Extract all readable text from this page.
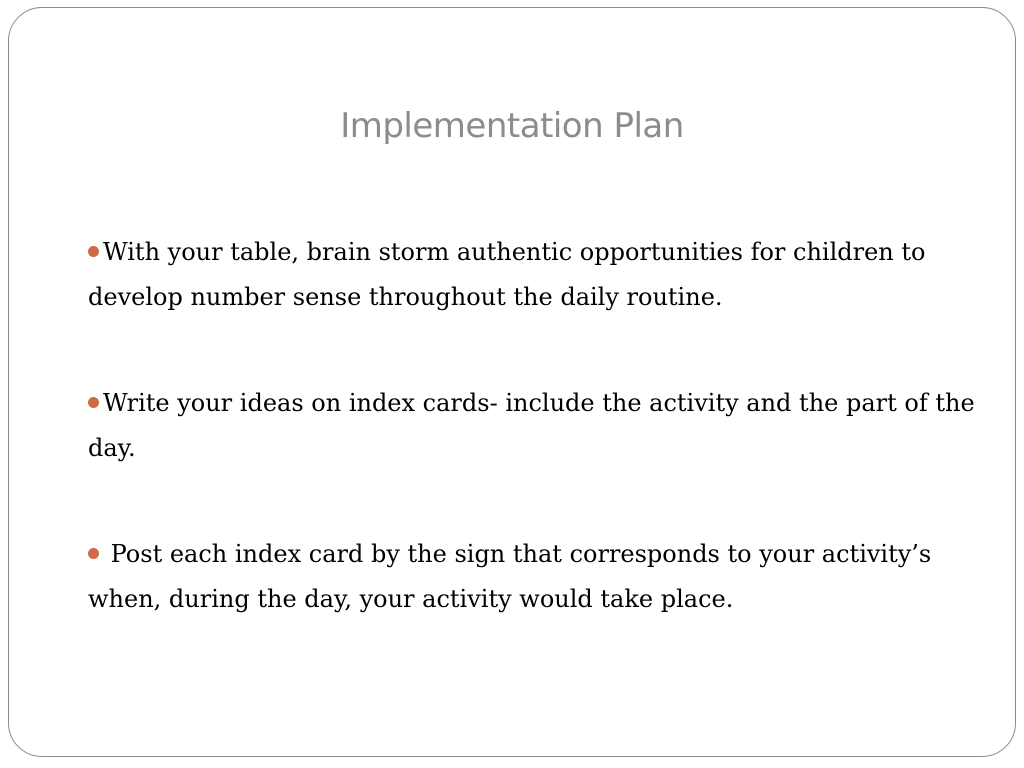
Implementation Plan
With your table, brain storm authentic opportunities for children to develop number sense throughout the daily routine.
Write your ideas on index cards- include the activity and the part of the day.
Post each index card by the sign that corresponds to your activity’s when, during the day, your activity would take place.
